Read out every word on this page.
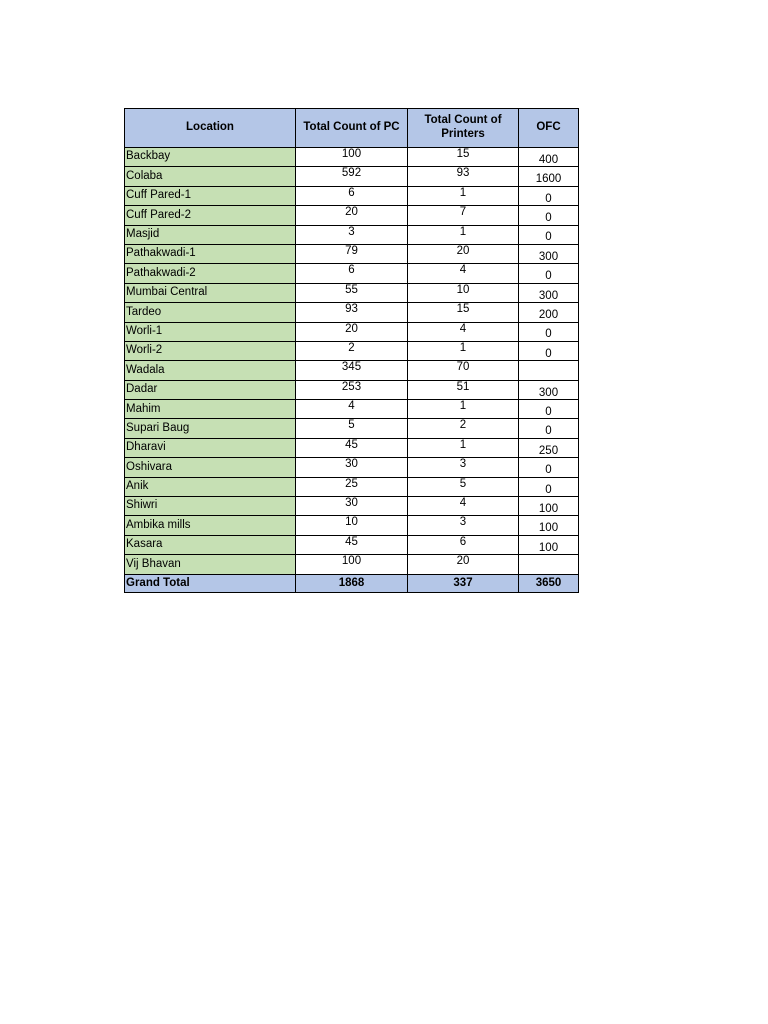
Location	Total Count of PC	Total Count of Printers	OFC
Backbay	100	15	400
Colaba	592	93	1600
Cuff Pared-1	6	1	0
Cuff Pared-2	20	7	0
Masjid	3	1	0
Pathakwadi-1	79	20	300
Pathakwadi-2	6	4	0
Mumbai Central	55	10	300
Tardeo	93	15	200
Worli-1	20	4	0
Worli-2	2	1	0
Wadala	345	70	
Dadar	253	51	300
Mahim	4	1	0
Supari Baug	5	2	0
Dharavi	45	1	250
Oshivara	30	3	0
Anik	25	5	0
Shiwri	30	4	100
Ambika mills	10	3	100
Kasara	45	6	100
Vij Bhavan	100	20	
Grand Total	1868	337	3650
